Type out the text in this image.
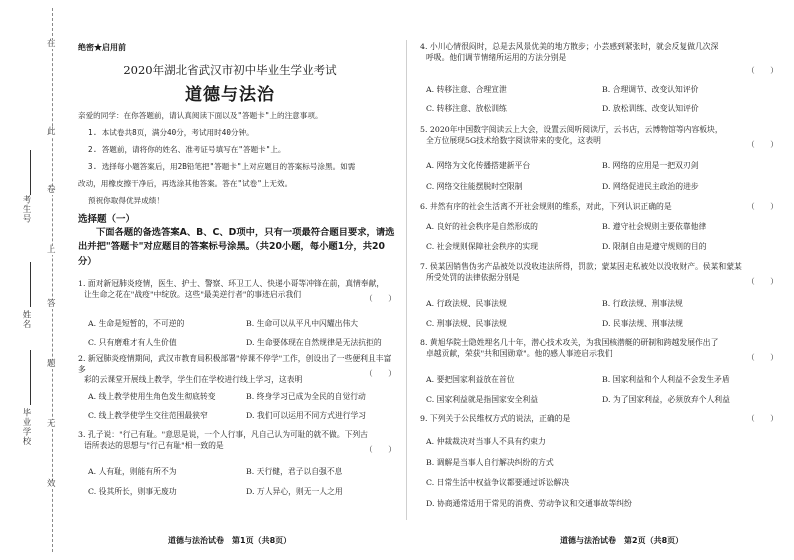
在
此
卷
上
答
题
无
效
考生号
姓名
毕业学校
绝密★启用前
2020年湖北省武汉市初中毕业生学业考试
道德与法治
亲爱的同学：在你答题前，请认真阅读下面以及"答题卡"上的注意事项。
1. 本试卷共8页，满分40分，考试用时40分钟。
2. 答题前，请将你的姓名、准考证号填写在"答题卡"上。
3. 选择每小题答案后，用2B铅笔把"答题卡"上对应题目的答案标号涂黑。如需
改动，用橡皮擦干净后，再选涂其他答案。答在"试卷"上无效。
预祝你取得优异成绩！
选择题（一）
下面各题的备选答案A、B、C、D项中，只有一项最符合题目要求，请选出并把"答题卡"对应题目的答案标号涂黑。（共20小题，每小题1分，共20分）
1. 面对新冠肺炎疫情，医生、护士、警察、环卫工人、快递小哥等冲锋在前，真情奉献，
让生命之花在"战疫"中绽放。这些"最美逆行者"的事迹启示我们	（　　）
A. 生命是短暂的，不可逆的	B. 生命可以从平凡中闪耀出伟大
C. 只有磨难才有人生价值	D. 生命要体现在自然规律是无法抗拒的
2. 新冠肺炎疫情期间，武汉市教育局积极部署"停课不停学"工作，创设出了一些便利且丰富多
彩的云课堂开展线上教学，学生们在学校进行线上学习，这表明
（　　）
A. 线上教学使用生角色发生彻底转变	B. 终身学习已成为全民的自觉行动
C. 线上教学使学生交往范围最狭窄	D. 我们可以运用不同方式进行学习
3. 孔子说："行己有耻。"意思是说，一个人行事，凡自己认为可耻的就不做。下列古
语所表达的思想与"行己有耻"相一致的是	（　　）
A. 人有耻，则能有所不为	B. 天行健，君子以自强不息
C. 役其所长，则事无废功	D. 万人异心，则无一人之用
道德与法治试卷　第1页（共8页）
4. 小川心情很闷时，总是去风景优美的地方散步；小芸感到紧张时，就会反复做几次深
呼吸。他们调节情绪所运用的方法分别是
（　　）
A. 转移注意、合理宣泄	B. 合理调节、改变认知评价
C. 转移注意、放松训练	D. 放松训练、改变认知评价
5. 2020年中国数字阅读云上大会，设置云阅听阅读厅，云书店，云博物馆等内容板块，
全方位展现5G技术给数字阅读带来的变化，这表明	（　　）
A. 网络为文化传播搭建新平台	B. 网络的应用是一把双刃剑
C. 网络交往能摆脱时空限制	D. 网络促进民主政治的进步
6. 井然有序的社会生活离不开社会规则的维系，对此，下列认识正确的是	（　　）
A. 良好的社会秩序是自然形成的	B. 遵守社会规则主要依靠他律
C. 社会规则保障社会秩序的实现	D. 限制自由是遵守规则的目的
7. 侯某因销售伪劣产品被处以没收违法所得，罚款；蒙某因走私被处以没收财产。侯某和蒙某
所受处罚的法律依据分别是	（　　）
A. 行政法规、民事法规	B. 行政法规、刑事法规
C. 刑事法规、民事法规	D. 民事法规、刑事法规
8. 黄旭华院士隐姓埋名几十年，潜心技术攻关，为我国核潜艇的研制和跨越发展作出了
卓越贡献，荣获"共和国勋章"。他的感人事迹启示我们	（　　）
A. 要把国家利益放在首位	B. 国家利益和个人利益不会发生矛盾
C. 国家利益就是指国家安全利益	D. 为了国家利益，必须放弃个人利益
9. 下列关于公民维权方式的说法，正确的是	（　　）
A. 仲裁裁决对当事人不具有约束力
B. 调解是当事人自行解决纠纷的方式
C. 日常生活中权益争议都要通过诉讼解决
D. 协商通常适用于常见的消费、劳动争议和交通事故等纠纷
道德与法治试卷　第2页（共8页）
